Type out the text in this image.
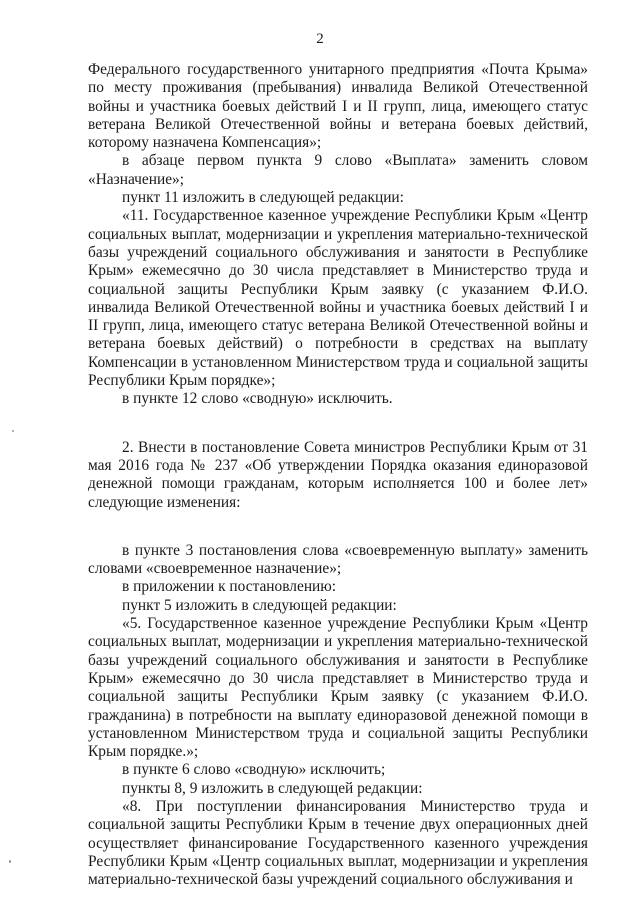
2

Федерального государственного унитарного предприятия «Почта Крыма» по месту проживания (пребывания) инвалида Великой Отечественной войны и участника боевых действий I и II групп, лица, имеющего статус ветерана Великой Отечественной войны и ветерана боевых действий, которому назначена Компенсация»;

в абзаце первом пункта 9 слово «Выплата» заменить словом «Назначение»;

пункт 11 изложить в следующей редакции:

«11. Государственное казенное учреждение Республики Крым «Центр социальных выплат, модернизации и укрепления материально-технической базы учреждений социального обслуживания и занятости в Республике Крым» ежемесячно до 30 числа представляет в Министерство труда и социальной защиты Республики Крым заявку (с указанием Ф.И.О. инвалида Великой Отечественной войны и участника боевых действий I и II групп, лица, имеющего статус ветерана Великой Отечественной войны и ветерана боевых действий) о потребности в средствах на выплату Компенсации в установленном Министерством труда и социальной защиты Республики Крым порядке»;

в пункте 12 слово «сводную» исключить.

2. Внести в постановление Совета министров Республики Крым от 31 мая 2016 года № 237 «Об утверждении Порядка оказания единоразовой денежной помощи гражданам, которым исполняется 100 и более лет» следующие изменения:

в пункте 3 постановления слова «своевременную выплату» заменить словами «своевременное назначение»;

в приложении к постановлению:

пункт 5 изложить в следующей редакции:

«5. Государственное казенное учреждение Республики Крым «Центр социальных выплат, модернизации и укрепления материально-технической базы учреждений социального обслуживания и занятости в Республике Крым» ежемесячно до 30 числа представляет в Министерство труда и социальной защиты Республики Крым заявку (с указанием Ф.И.О. гражданина) в потребности на выплату единоразовой денежной помощи в установленном Министерством труда и социальной защиты Республики Крым порядке.»;

в пункте 6 слово «сводную» исключить;

пункты 8, 9 изложить в следующей редакции:

«8. При поступлении финансирования Министерство труда и социальной защиты Республики Крым в течение двух операционных дней осуществляет финансирование Государственного казенного учреждения Республики Крым «Центр социальных выплат, модернизации и укрепления материально-технической базы учреждений социального обслуживания и
